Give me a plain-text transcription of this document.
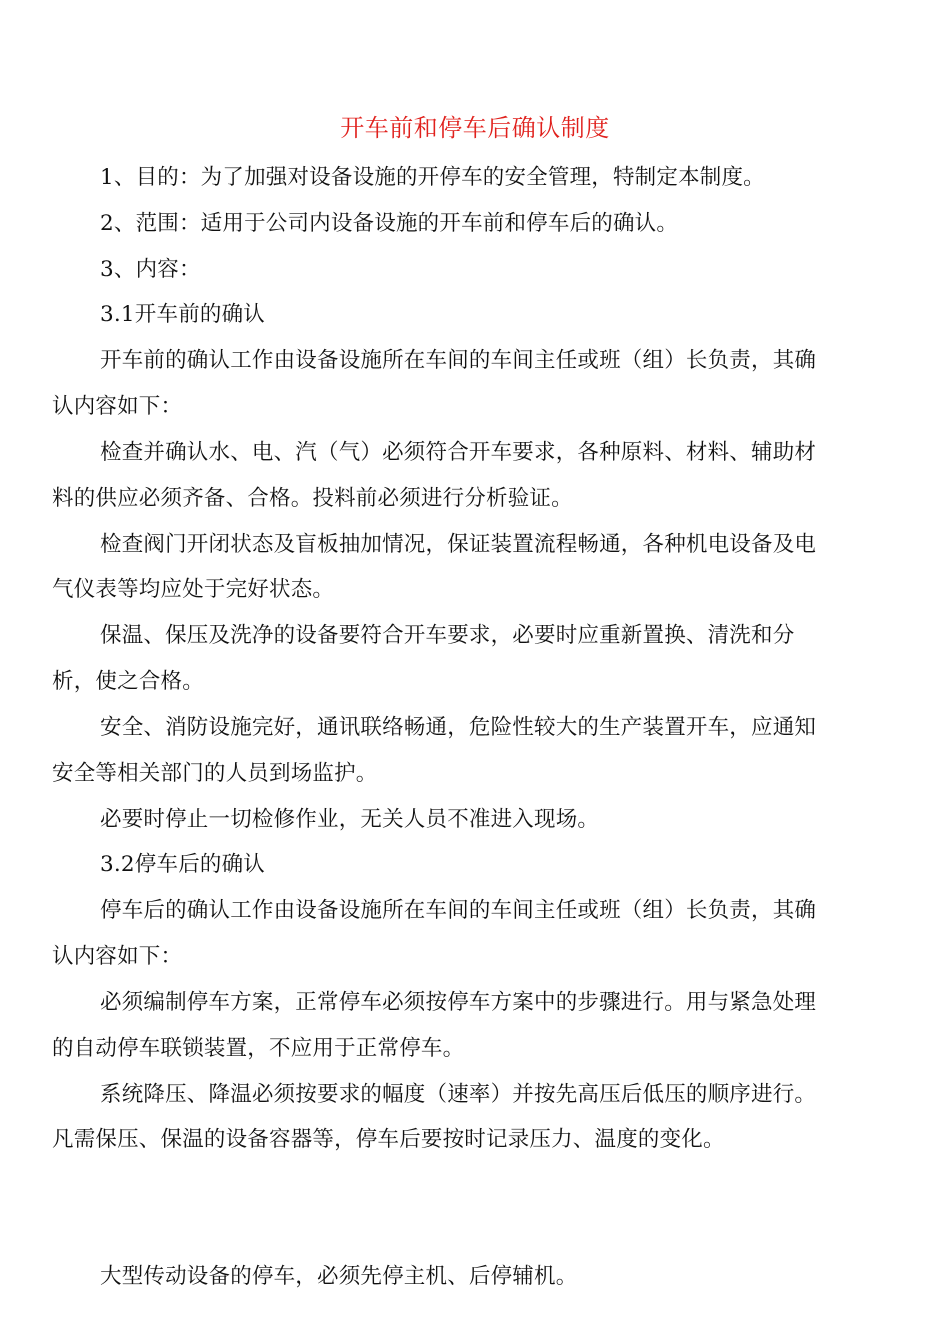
开车前和停车后确认制度
1、目的：为了加强对设备设施的开停车的安全管理，特制定本制度。
2、范围：适用于公司内设备设施的开车前和停车后的确认。
3、内容：
3.1开车前的确认
开车前的确认工作由设备设施所在车间的车间主任或班（组）长负责，其确
认内容如下：
检查并确认水、电、汽（气）必须符合开车要求，各种原料、材料、辅助材
料的供应必须齐备、合格。投料前必须进行分析验证。
检查阀门开闭状态及盲板抽加情况，保证装置流程畅通，各种机电设备及电
气仪表等均应处于完好状态。
保温、保压及洗净的设备要符合开车要求，必要时应重新置换、清洗和分
析，使之合格。
安全、消防设施完好，通讯联络畅通，危险性较大的生产装置开车，应通知
安全等相关部门的人员到场监护。
必要时停止一切检修作业，无关人员不准进入现场。
3.2停车后的确认
停车后的确认工作由设备设施所在车间的车间主任或班（组）长负责，其确
认内容如下：
必须编制停车方案，正常停车必须按停车方案中的步骤进行。用与紧急处理
的自动停车联锁装置，不应用于正常停车。
系统降压、降温必须按要求的幅度（速率）并按先高压后低压的顺序进行。
凡需保压、保温的设备容器等，停车后要按时记录压力、温度的变化。
大型传动设备的停车，必须先停主机、后停辅机。
